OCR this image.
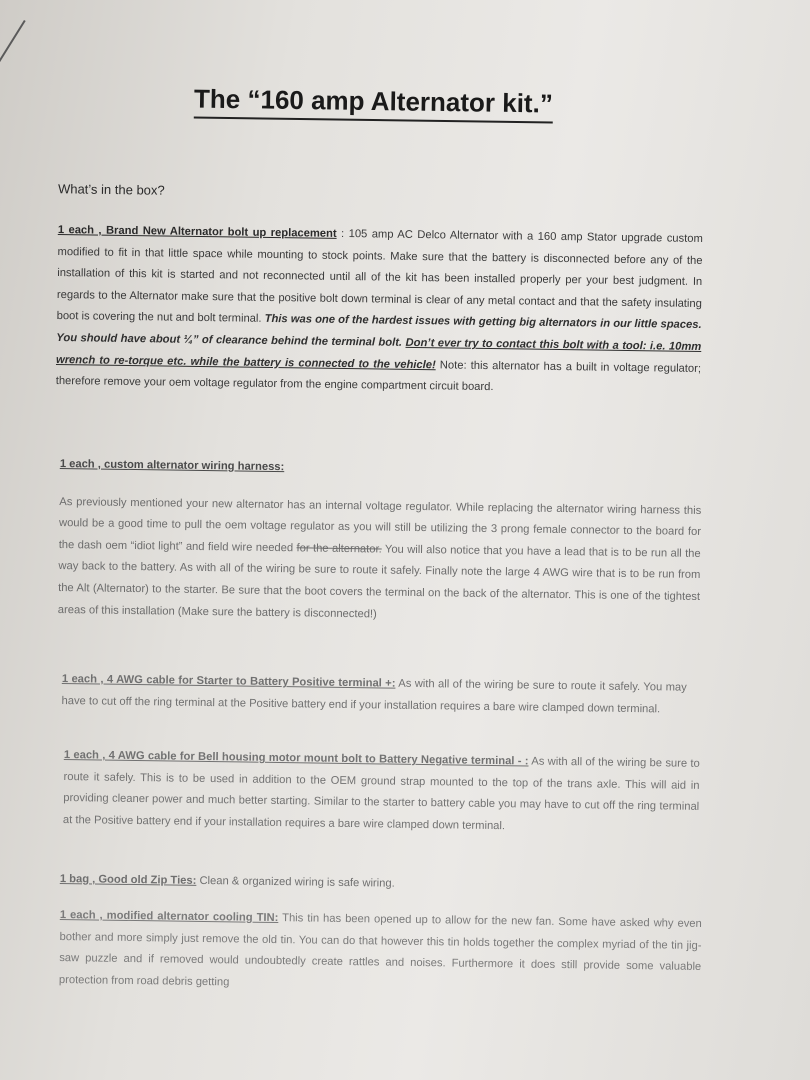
The “160 amp Alternator kit.”
What’s in the box?
1 each , Brand New Alternator bolt up replacement : 105 amp AC Delco Alternator with a 160 amp Stator upgrade custom modified to fit in that little space while mounting to stock points. Make sure that the battery is disconnected before any of the installation of this kit is started and not reconnected until all of the kit has been installed properly per your best judgment. In regards to the Alternator make sure that the positive bolt down terminal is clear of any metal contact and that the safety insulating boot is covering the nut and bolt terminal. This was one of the hardest issues with getting big alternators in our little spaces. You should have about ¼” of clearance behind the terminal bolt. Don’t ever try to contact this bolt with a tool: i.e. 10mm wrench to re-torque etc. while the battery is connected to the vehicle! Note: this alternator has a built in voltage regulator; therefore remove your oem voltage regulator from the engine compartment circuit board.
1 each , custom alternator wiring harness:
As previously mentioned your new alternator has an internal voltage regulator. While replacing the alternator wiring harness this would be a good time to pull the oem voltage regulator as you will still be utilizing the 3 prong female connector to the board for the dash oem “idiot light” and field wire needed for the alternator. You will also notice that you have a lead that is to be run all the way back to the battery. As with all of the wiring be sure to route it safely. Finally note the large 4 AWG wire that is to be run from the Alt (Alternator) to the starter. Be sure that the boot covers the terminal on the back of the alternator. This is one of the tightest areas of this installation (Make sure the battery is disconnected!)
1 each , 4 AWG cable for Starter to Battery Positive terminal +: As with all of the wiring be sure to route it safely. You may have to cut off the ring terminal at the Positive battery end if your installation requires a bare wire clamped down terminal.
1 each , 4 AWG cable for Bell housing motor mount bolt to Battery Negative terminal - : As with all of the wiring be sure to route it safely. This is to be used in addition to the OEM ground strap mounted to the top of the trans axle. This will aid in providing cleaner power and much better starting. Similar to the starter to battery cable you may have to cut off the ring terminal at the Positive battery end if your installation requires a bare wire clamped down terminal.
1 bag , Good old Zip Ties: Clean & organized wiring is safe wiring.
1 each , modified alternator cooling TIN: This tin has been opened up to allow for the new fan. Some have asked why even bother and more simply just remove the old tin. You can do that however this tin holds together the complex myriad of the tin jig-saw puzzle and if removed would undoubtedly create rattles and noises. Furthermore it does still provide some valuable protection from road debris getting
